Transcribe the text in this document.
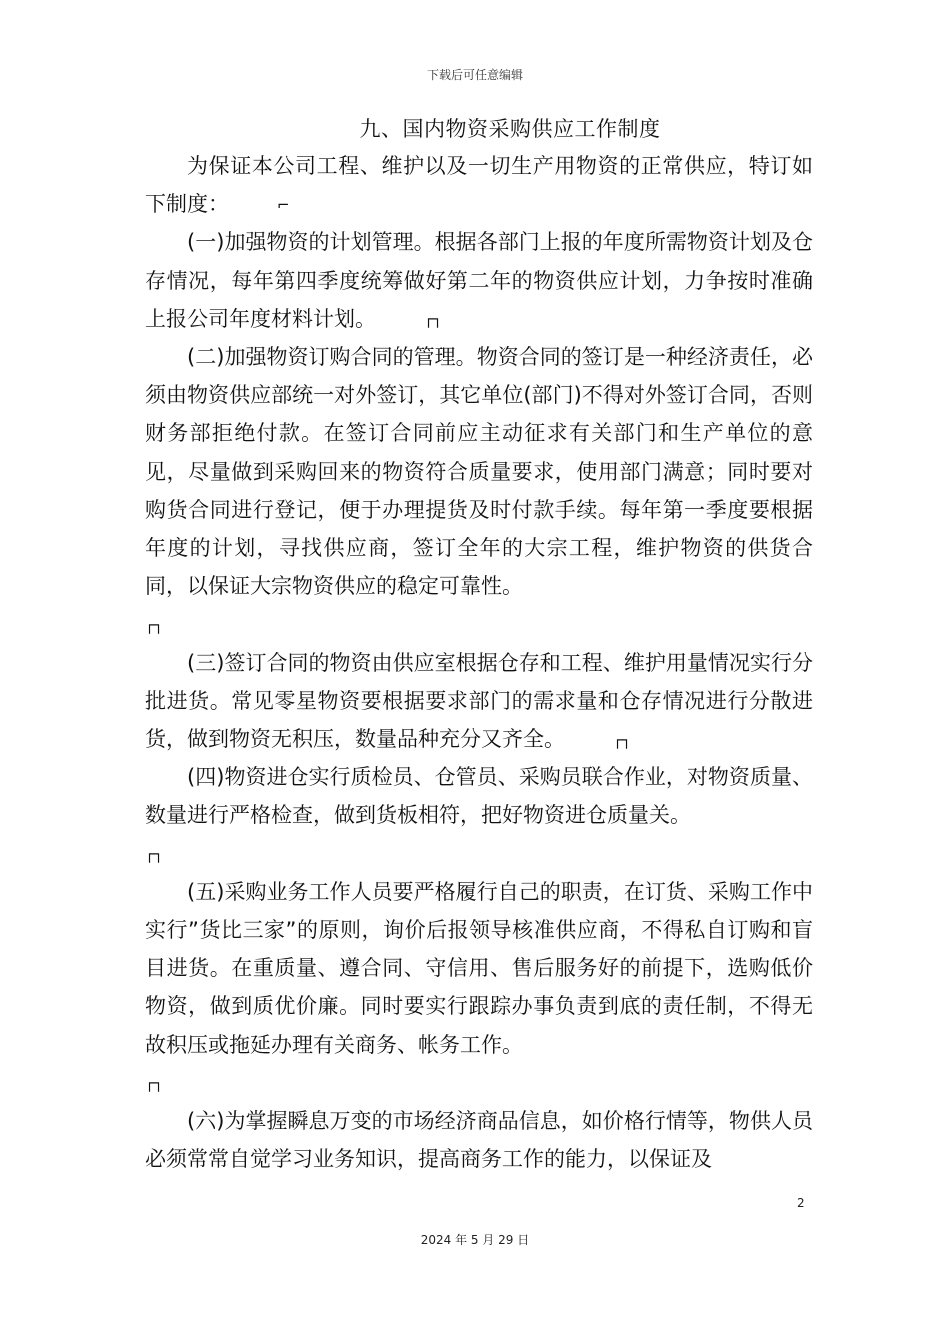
下载后可任意编辑
九、国内物资采购供应工作制度

为保证本公司工程、维护以及一切生产用物资的正常供应，特订如下制度：	⌐

(一)加强物资的计划管理。根据各部门上报的年度所需物资计划及仓存情况，每年第四季度统筹做好第二年的物资供应计划，力争按时准确上报公司年度材料计划。	┌┐

(二)加强物资订购合同的管理。物资合同的签订是一种经济责任，必须由物资供应部统一对外签订，其它单位(部门)不得对外签订合同，否则财务部拒绝付款。在签订合同前应主动征求有关部门和生产单位的意见，尽量做到采购回来的物资符合质量要求，使用部门满意；同时要对购货合同进行登记，便于办理提货及时付款手续。每年第一季度要根据年度的计划，寻找供应商，签订全年的大宗工程，维护物资的供货合同，以保证大宗物资供应的稳定可靠性。

┌┐

(三)签订合同的物资由供应室根据仓存和工程、维护用量情况实行分批进货。常见零星物资要根据要求部门的需求量和仓存情况进行分散进货，做到物资无积压，数量品种充分又齐全。	┌┐

(四)物资进仓实行质检员、仓管员、采购员联合作业，对物资质量、数量进行严格检查，做到货板相符，把好物资进仓质量关。

┌┐

(五)采购业务工作人员要严格履行自己的职责，在订货、采购工作中实行”货比三家”的原则，询价后报领导核准供应商，不得私自订购和盲目进货。在重质量、遵合同、守信用、售后服务好的前提下，选购低价物资，做到质优价廉。同时要实行跟踪办事负责到底的责任制，不得无故积压或拖延办理有关商务、帐务工作。

┌┐

(六)为掌握瞬息万变的市场经济商品信息，如价格行情等，物供人员必须常常自觉学习业务知识，提高商务工作的能力，以保证及

2
2024 年 5 月 29 日
